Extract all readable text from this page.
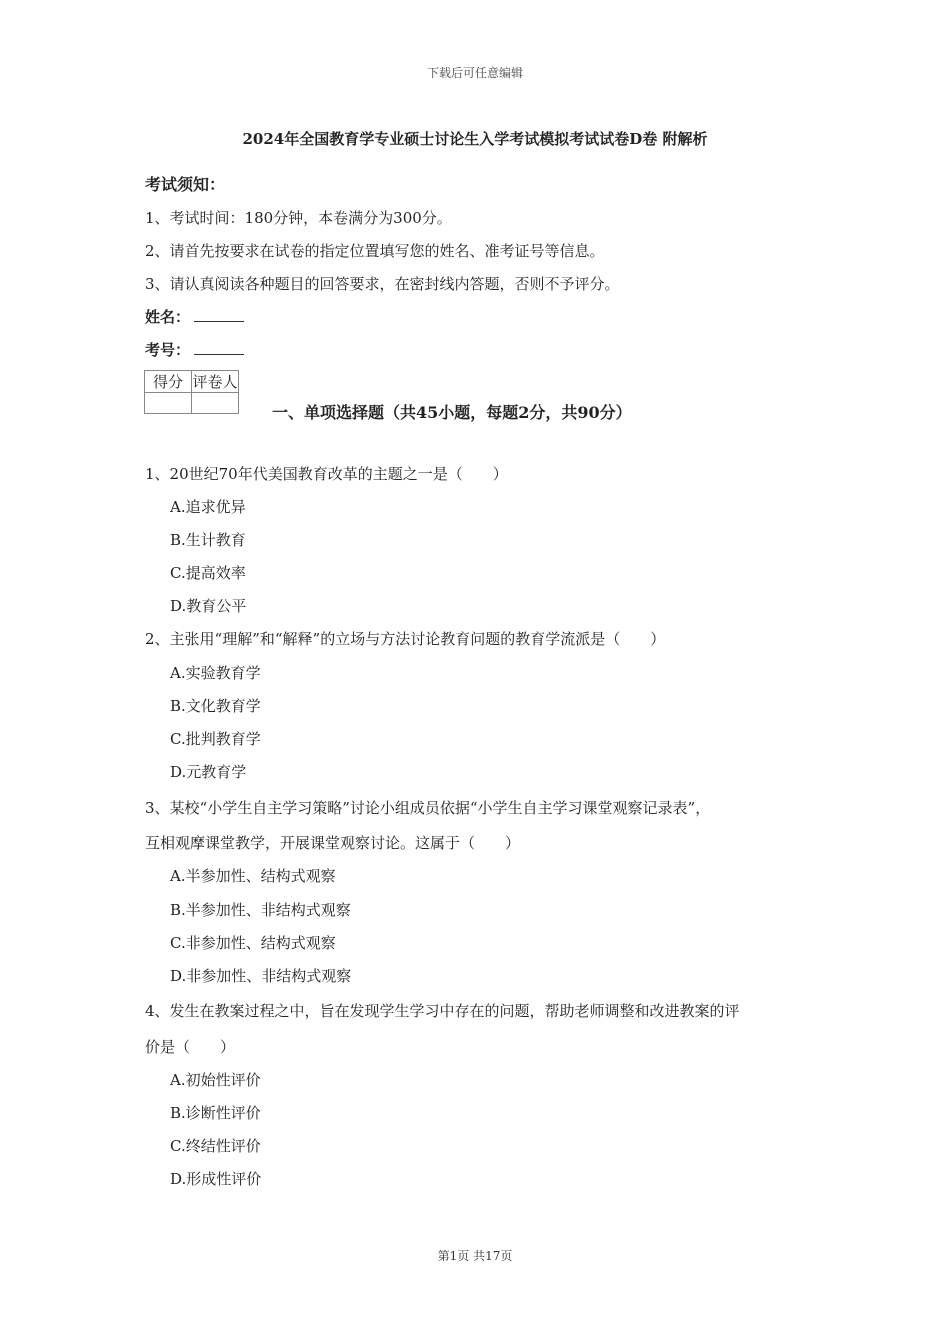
下载后可任意编辑
2024年全国教育学专业硕士讨论生入学考试模拟考试试卷D卷 附解析
考试须知：
1、考试时间：180分钟，本卷满分为300分。
2、请首先按要求在试卷的指定位置填写您的姓名、准考证号等信息。
3、请认真阅读各种题目的回答要求，在密封线内答题，否则不予评分。
姓名：
考号：
得分	评卷人

一、单项选择题（共45小题，每题2分，共90分）
1、20世纪70年代美国教育改革的主题之一是（　　）
A.追求优异
B.生计教育
C.提高效率
D.教育公平
2、主张用“理解”和“解释”的立场与方法讨论教育问题的教育学流派是（　　）
A.实验教育学
B.文化教育学
C.批判教育学
D.元教育学
3、某校“小学生自主学习策略”讨论小组成员依据“小学生自主学习课堂观察记录表”，
互相观摩课堂教学，开展课堂观察讨论。这属于（　　）
A.半参加性、结构式观察
B.半参加性、非结构式观察
C.非参加性、结构式观察
D.非参加性、非结构式观察
4、发生在教案过程之中，旨在发现学生学习中存在的问题，帮助老师调整和改进教案的评
价是（　　）
A.初始性评价
B.诊断性评价
C.终结性评价
D.形成性评价
第1页 共17页
